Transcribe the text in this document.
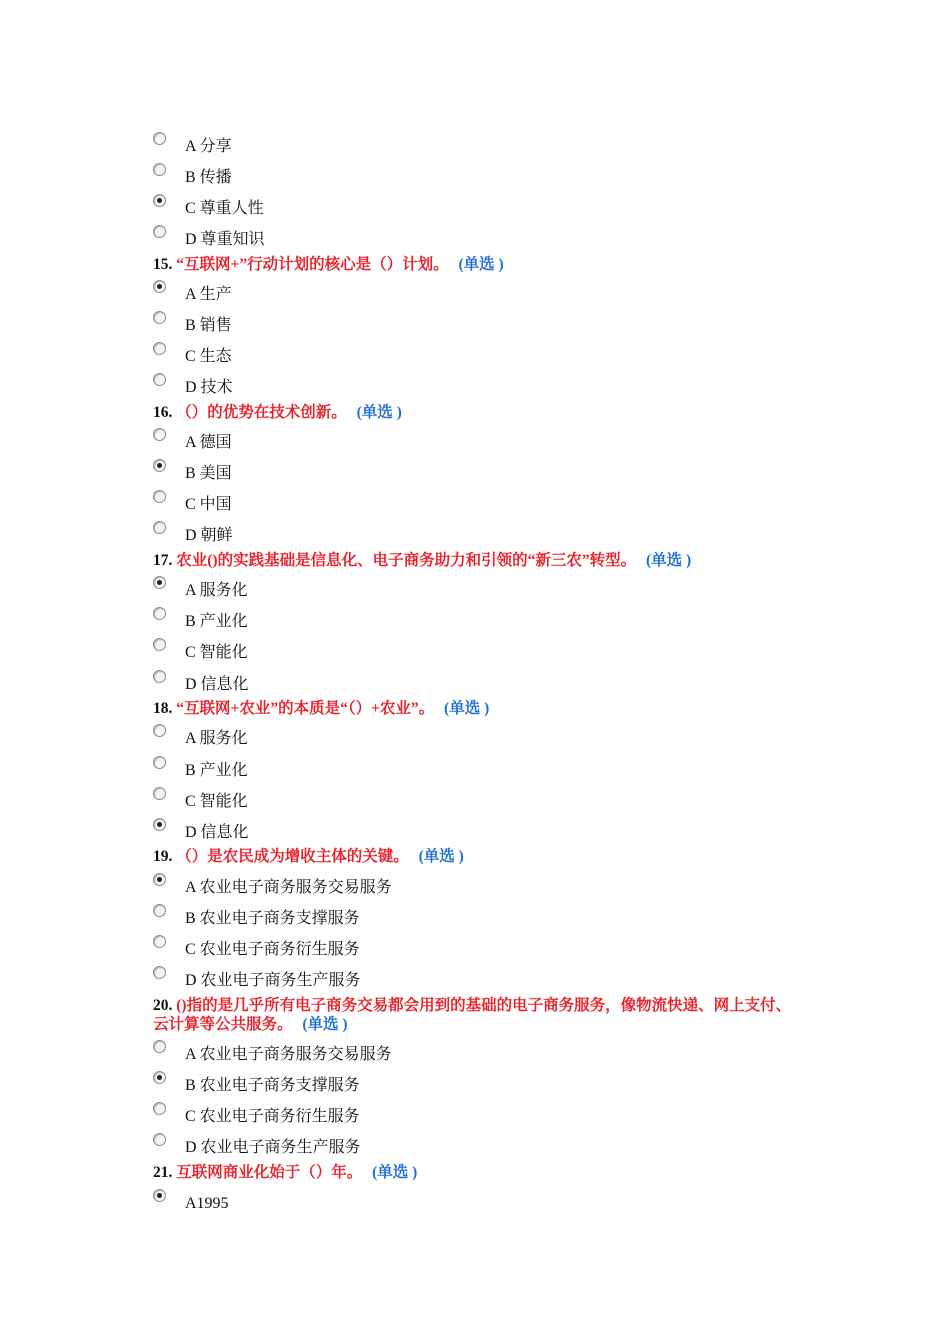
A 分享
B 传播
C 尊重人性
D 尊重知识
15. “互联网+”行动计划的核心是（）计划。 (单选 )
A 生产
B 销售
C 生态
D 技术
16. （）的优势在技术创新。 (单选 )
A 德国
B 美国
C 中国
D 朝鲜
17. 农业()的实践基础是信息化、电子商务助力和引领的“新三农”转型。 (单选 )
A 服务化
B 产业化
C 智能化
D 信息化
18. “互联网+农业”的本质是“（）+农业”。 (单选 )
A 服务化
B 产业化
C 智能化
D 信息化
19. （）是农民成为增收主体的关键。 (单选 )
A 农业电子商务服务交易服务
B 农业电子商务支撑服务
C 农业电子商务衍生服务
D 农业电子商务生产服务
20. ()指的是几乎所有电子商务交易都会用到的基础的电子商务服务，像物流快递、网上支付、云计算等公共服务。 (单选 )
A 农业电子商务服务交易服务
B 农业电子商务支撑服务
C 农业电子商务衍生服务
D 农业电子商务生产服务
21. 互联网商业化始于（）年。 (单选 )
A1995
